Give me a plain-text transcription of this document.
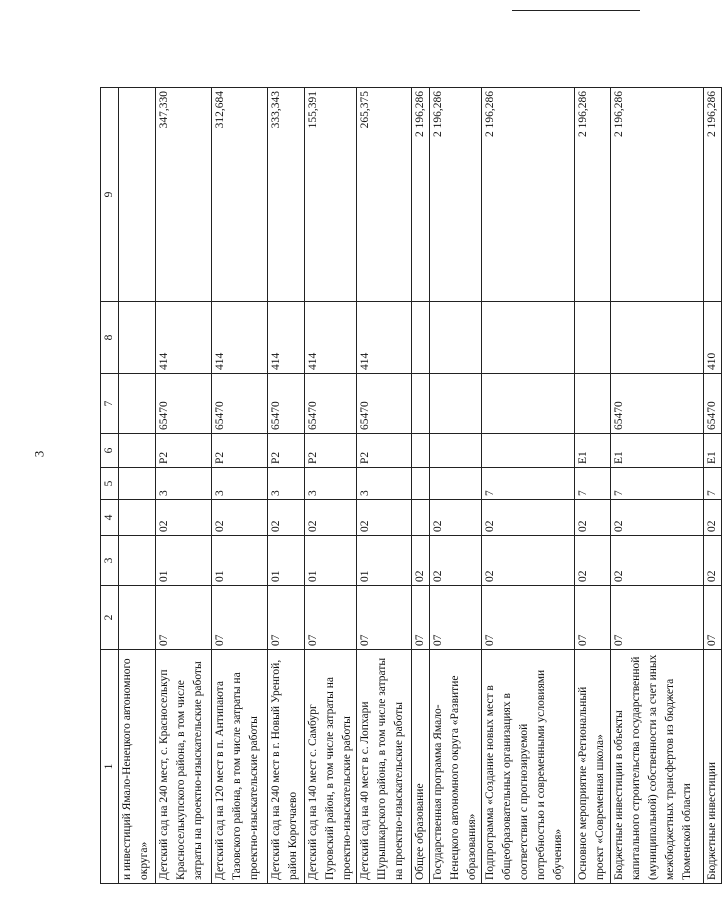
3
1	2	3	4	5	6	7	8	9
и инвестиций Ямало-Ненецкого автономного округа»								
Детский сад на 240 мест, с. Красноселькуп Красноселькупского района, в том числе затраты на проектно-изыскательские работы	07	01	02	3	P2	65470	414	347,330
Детский сад на 120 мест в п. Антипаюта Тазовского района, в том числе затраты на проектно-изыскательские работы	07	01	02	3	P2	65470	414	312,684
Детский сад на 240 мест в г. Новый Уренгой, район Коротчаево	07	01	02	3	P2	65470	414	333,343
Детский сад на 140 мест с. Самбург Пуровский район, в том числе затраты на проектно-изыскательские работы	07	01	02	3	P2	65470	414	155,391
Детский сад на 40 мест в с. Лопхари Шурышкарского района, в том числе затраты на проектно-изыскательские работы	07	01	02	3	P2	65470	414	265,375
Общее образование	07	02						2 196,286
Государственная программа Ямало-Ненецкого автономного округа «Развитие образования»	07	02	02					2 196,286
Подпрограмма «Создание новых мест в общеобразовательных организациях в соответствии с прогнозируемой потребностью и современными условиями обучения»	07	02	02	7				2 196,286
Основное мероприятие «Региональный проект «Современная школа»	07	02	02	7	E1			2 196,286
Бюджетные инвестиции в объекты капитального строительства государственной (муниципальной) собственности за счет иных межбюджетных трансфертов из бюджета Тюменской области	07	02	02	7	E1	65470		2 196,286
Бюджетные инвестиции	07	02	02	7	E1	65470	410	2 196,286
